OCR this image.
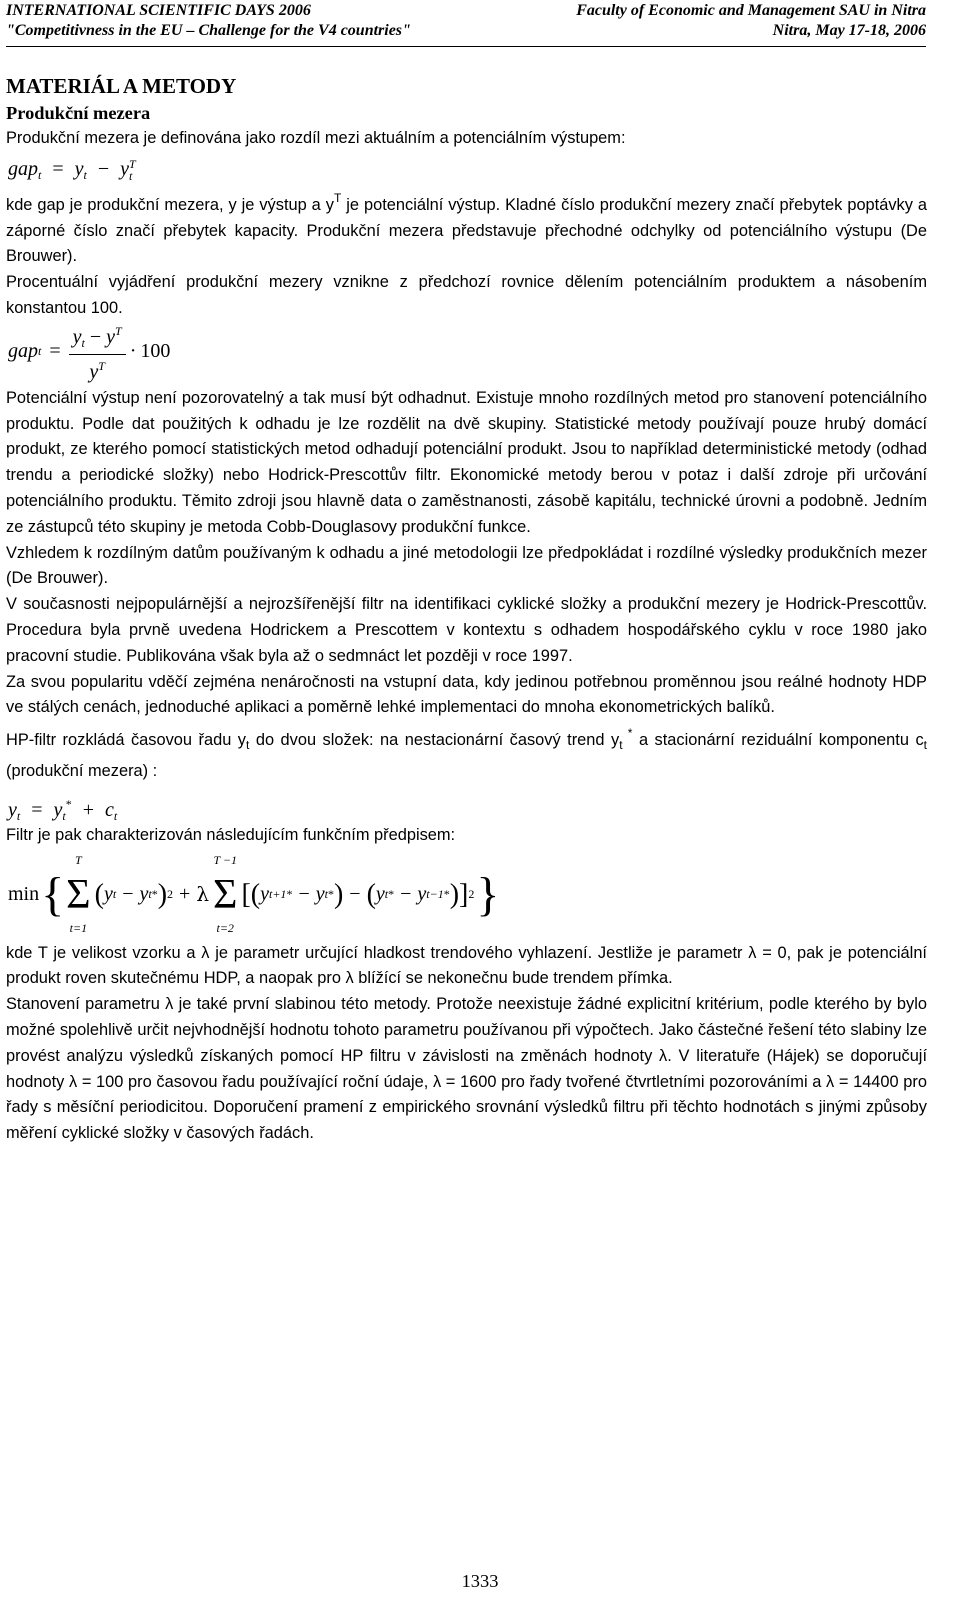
INTERNATIONAL SCIENTIFIC DAYS 2006	Faculty of Economic and Management SAU in Nitra
"Competitivness in the EU – Challenge for the V4 countries"	Nitra, May 17-18, 2006
MATERIÁL A METODY
Produkční mezera

Produkční mezera je definována jako rozdíl mezi aktuálním a potenciálním výstupem:

$gap_t = y_t - y$ T
t

kde gap je produkční mezera, y je výstup a $y^T$ je potenciální výstup. Kladné číslo produkční mezery značí přebytek poptávky a záporné číslo značí přebytek kapacity. Produkční mezera představuje přechodné odchylky od potenciálního výstupu (De Brouwer).

Procentuální vyjádření produkční mezery vznikne z předchozí rovnice dělením potenciálním produktem a násobením konstantou 100.

gap $t = \frac{y_t - y^T}{y^T} \cdot 100$

Potenciální výstup není pozorovatelný a tak musí být odhadnut. Existuje mnoho rozdílných metod pro stanovení potenciálního produktu. Podle dat použitých k odhadu je lze rozdělit na dvě skupiny. Statistické metody používají pouze hrubý domácí produkt, ze kterého pomocí statistických metod odhadují potenciální produkt. Jsou to například deterministické metody (odhad trendu a periodické složky) nebo Hodrick-Prescottův filtr. Ekonomické metody berou v potaz i další zdroje při určování potenciálního produktu. Těmito zdroji jsou hlavně data o zaměstnanosti, zásobě kapitálu, technické úrovni a podobně. Jedním ze zástupců této skupiny je metoda Cobb-Douglasovy produkční funkce.

Vzhledem k rozdílným datům používaným k odhadu a jiné metodologii lze předpokládat i rozdílné výsledky produkčních mezer (De Brouwer).

V současnosti nejpopulárnější a nejrozšířenější filtr na identifikaci cyklické složky a produkční mezery je Hodrick-Prescottův. Procedura byla prvně uvedena Hodrickem a Prescottem v kontextu s odhadem hospodářského cyklu v roce 1980 jako pracovní studie. Publikována však byla až o sedmnáct let později v roce 1997.

Za svou popularitu vděčí zejména nenáročnosti na vstupní data, kdy jedinou potřebnou proměnnou jsou reálné hodnoty HDP ve stálých cenách, jednoduché aplikaci a poměrně lehké implementaci do mnoha ekonometrických balíků.

HP-filtr rozkládá časovou řadu $y_t$ do dvou složek: na nestacionární časový trend $y_t$ * a stacionární reziduální komponentu $c_t$ (produkční mezera) :

$y_t = y_t^* + c_t$

Filtr je pak charakterizován následujícím funkčním předpisem:

min {
T
Σ
t=1
( y t − y t * ) 2 + λ
T −1
Σ
t=2
[( y t+1 * − y t * ) − ( y t * − y t−1 * )] 2 }

kde T je velikost vzorku a λ je parametr určující hladkost trendového vyhlazení. Jestliže je parametr λ = 0, pak je potenciální produkt roven skutečnému HDP, a naopak pro λ blížící se nekonečnu bude trendem přímka.

Stanovení parametru λ je také první slabinou této metody. Protože neexistuje žádné explicitní kritérium, podle kterého by bylo možné spolehlivě určit nejvhodnější hodnotu tohoto parametru používanou při výpočtech. Jako částečné řešení této slabiny lze provést analýzu výsledků získaných pomocí HP filtru v závislosti na změnách hodnoty λ. V literatuře (Hájek) se doporučují hodnoty λ = 100 pro časovou řadu používající roční údaje, λ = 1600 pro řady tvořené čtvrtletními pozorováními a λ = 14400 pro řady s měsíční periodicitou. Doporučení pramení z empirického srovnání výsledků filtru při těchto hodnotách s jinými způsoby měření cyklické složky v časových řadách.

1333
